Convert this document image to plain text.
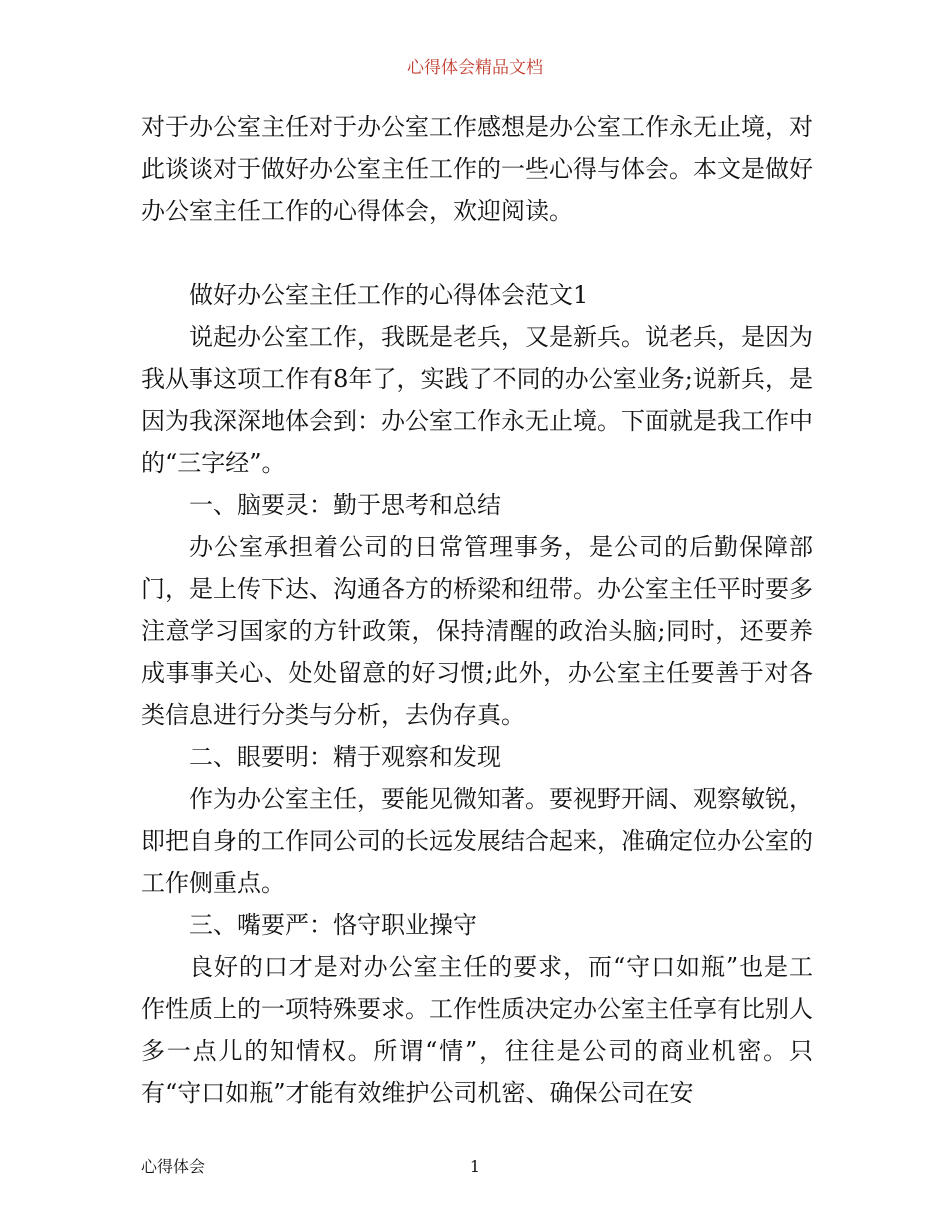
心得体会精品文档

对于办公室主任对于办公室工作感想是办公室工作永无止境，对此谈谈对于做好办公室主任工作的一些心得与体会。本文是做好办公室主任工作的心得体会，欢迎阅读。

做好办公室主任工作的心得体会范文1

说起办公室工作，我既是老兵，又是新兵。说老兵，是因为我从事这项工作有8年了，实践了不同的办公室业务;说新兵，是因为我深深地体会到：办公室工作永无止境。下面就是我工作中的“三字经”。

一、脑要灵：勤于思考和总结

办公室承担着公司的日常管理事务，是公司的后勤保障部门，是上传下达、沟通各方的桥梁和纽带。办公室主任平时要多注意学习国家的方针政策，保持清醒的政治头脑;同时，还要养成事事关心、处处留意的好习惯;此外，办公室主任要善于对各类信息进行分类与分析，去伪存真。

二、眼要明：精于观察和发现

作为办公室主任，要能见微知著。要视野开阔、观察敏锐，即把自身的工作同公司的长远发展结合起来，准确定位办公室的工作侧重点。

三、嘴要严：恪守职业操守

良好的口才是对办公室主任的要求，而“守口如瓶”也是工作性质上的一项特殊要求。工作性质决定办公室主任享有比别人多一点儿的知情权。所谓“情”，往往是公司的商业机密。只有“守口如瓶”才能有效维护公司机密、确保公司在安

心得体会	1
